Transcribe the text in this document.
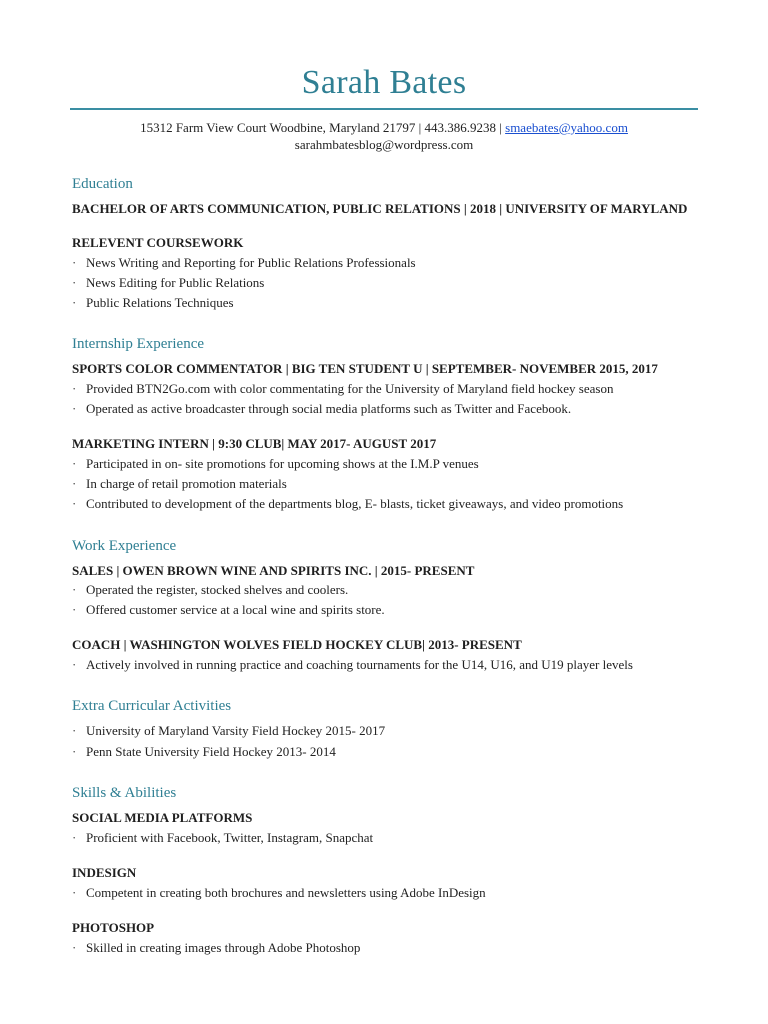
Sarah Bates
15312 Farm View Court Woodbine, Maryland 21797 | 443.386.9238 | smaebates@yahoo.com
sarahmbatesblog@wordpress.com
Education
BACHELOR OF ARTS COMMUNICATION, PUBLIC RELATIONS | 2018 | UNIVERSITY OF MARYLAND
RELEVENT COURSEWORK
· News Writing and Reporting for Public Relations Professionals
· News Editing for Public Relations
· Public Relations Techniques
Internship Experience
SPORTS COLOR COMMENTATOR | BIG TEN STUDENT U | SEPTEMBER- NOVEMBER 2015, 2017
· Provided BTN2Go.com with color commentating for the University of Maryland field hockey season
· Operated as active broadcaster through social media platforms such as Twitter and Facebook.
MARKETING INTERN | 9:30 CLUB| MAY 2017- AUGUST 2017
· Participated in on- site promotions for upcoming shows at the I.M.P venues
· In charge of retail promotion materials
· Contributed to development of the departments blog, E- blasts, ticket giveaways, and video promotions
Work Experience
SALES | OWEN BROWN WINE AND SPIRITS INC. | 2015- PRESENT
· Operated the register, stocked shelves and coolers.
· Offered customer service at a local wine and spirits store.
COACH | WASHINGTON WOLVES FIELD HOCKEY CLUB| 2013- PRESENT
· Actively involved in running practice and coaching tournaments for the U14, U16, and U19 player levels
Extra Curricular Activities
· University of Maryland Varsity Field Hockey 2015- 2017
· Penn State University Field Hockey 2013- 2014
Skills & Abilities
SOCIAL MEDIA PLATFORMS
· Proficient with Facebook, Twitter, Instagram, Snapchat
INDESIGN
· Competent in creating both brochures and newsletters using Adobe InDesign
PHOTOSHOP
· Skilled in creating images through Adobe Photoshop
